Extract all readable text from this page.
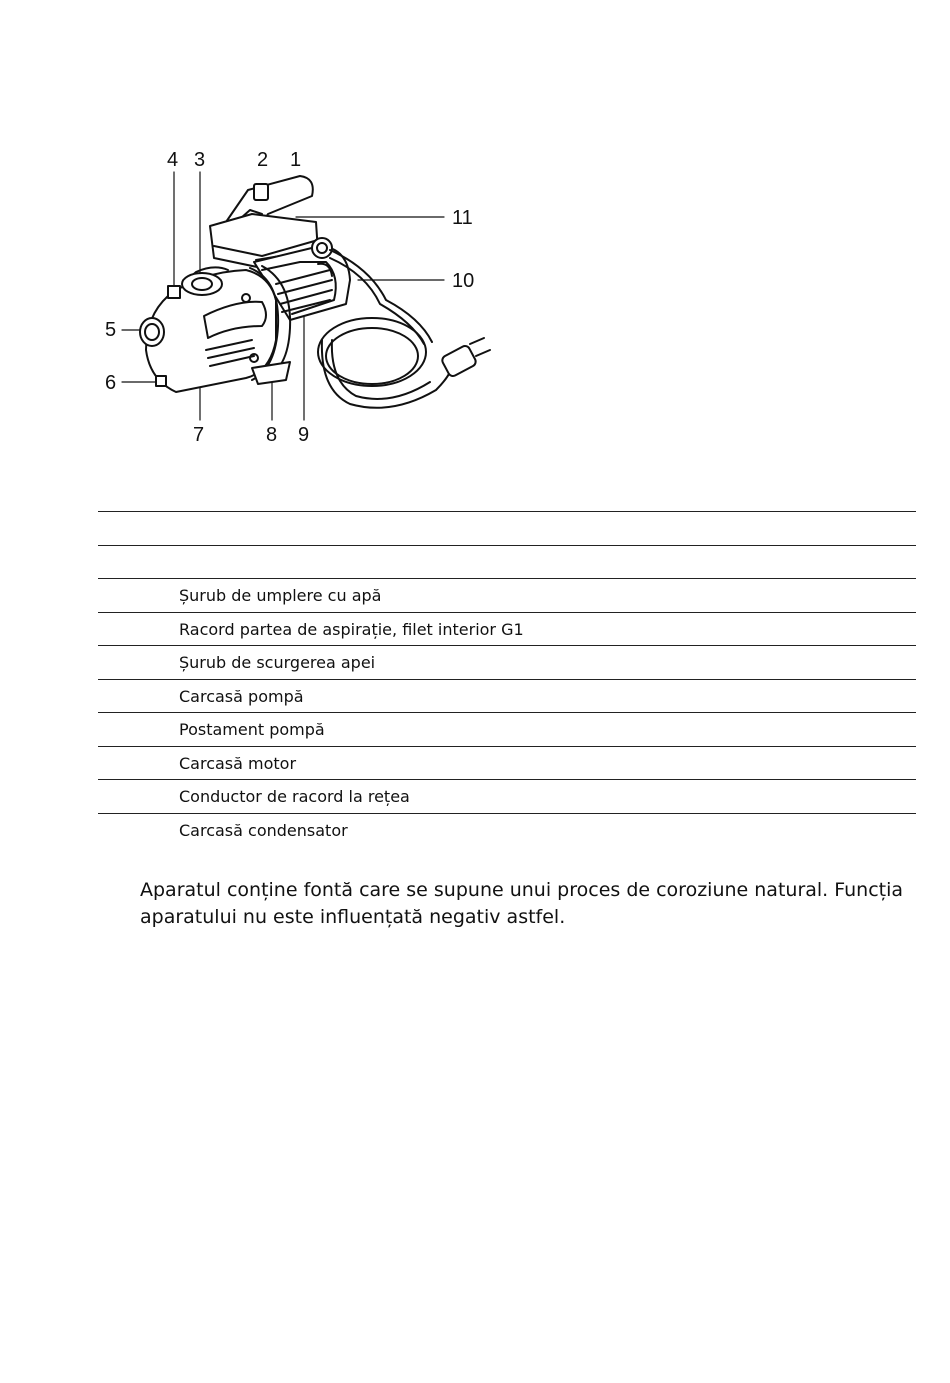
4 3	2 1
11
10
5
6
7	8 9

	Șurub de umplere cu apă
	Racord partea de aspirație, filet interior G1
	Șurub de scurgerea apei
	Carcasă pompă
	Postament pompă
	Carcasă motor
	Conductor de racord la rețea
	Carcasă condensator

Aparatul conține fontă care se supune unui proces de coroziune natural. Funcția aparatului nu este influențată negativ astfel.
